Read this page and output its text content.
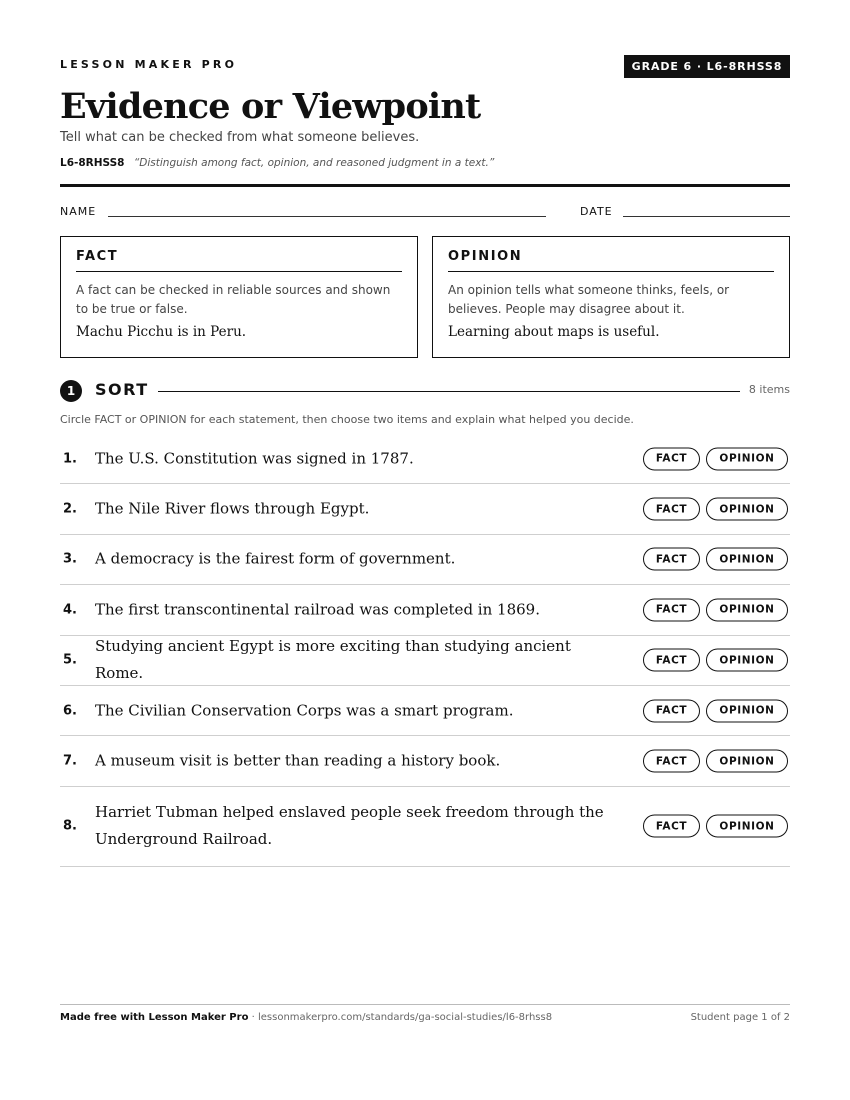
LESSON MAKER PRO	GRADE 6 · L6-8RHSS8
Evidence or Viewpoint
Tell what can be checked from what someone believes.
L6-8RHSS8 “Distinguish among fact, opinion, and reasoned judgment in a text.”
NAME	DATE
FACT
A fact can be checked in reliable sources and shown to be true or false.
Machu Picchu is in Peru.
OPINION
An opinion tells what someone thinks, feels, or believes. People may disagree about it.
Learning about maps is useful.
1	SORT	8 items
Circle FACT or OPINION for each statement, then choose two items and explain what helped you decide.
1. The U.S. Constitution was signed in 1787.	FACT	OPINION
2. The Nile River flows through Egypt.	FACT	OPINION
3. A democracy is the fairest form of government.	FACT	OPINION
4. The first transcontinental railroad was completed in 1869.	FACT	OPINION
5.
Studying ancient Egypt is more exciting than studying ancient Rome.
FACT	OPINION
6. The Civilian Conservation Corps was a smart program.	FACT	OPINION
7. A museum visit is better than reading a history book.	FACT	OPINION
8.
Harriet Tubman helped enslaved people seek freedom through the Underground Railroad.
FACT	OPINION
Made free with Lesson Maker Pro · lessonmakerpro.com/standards/ga-social-studies/l6-8rhss8	Student page 1 of 2
